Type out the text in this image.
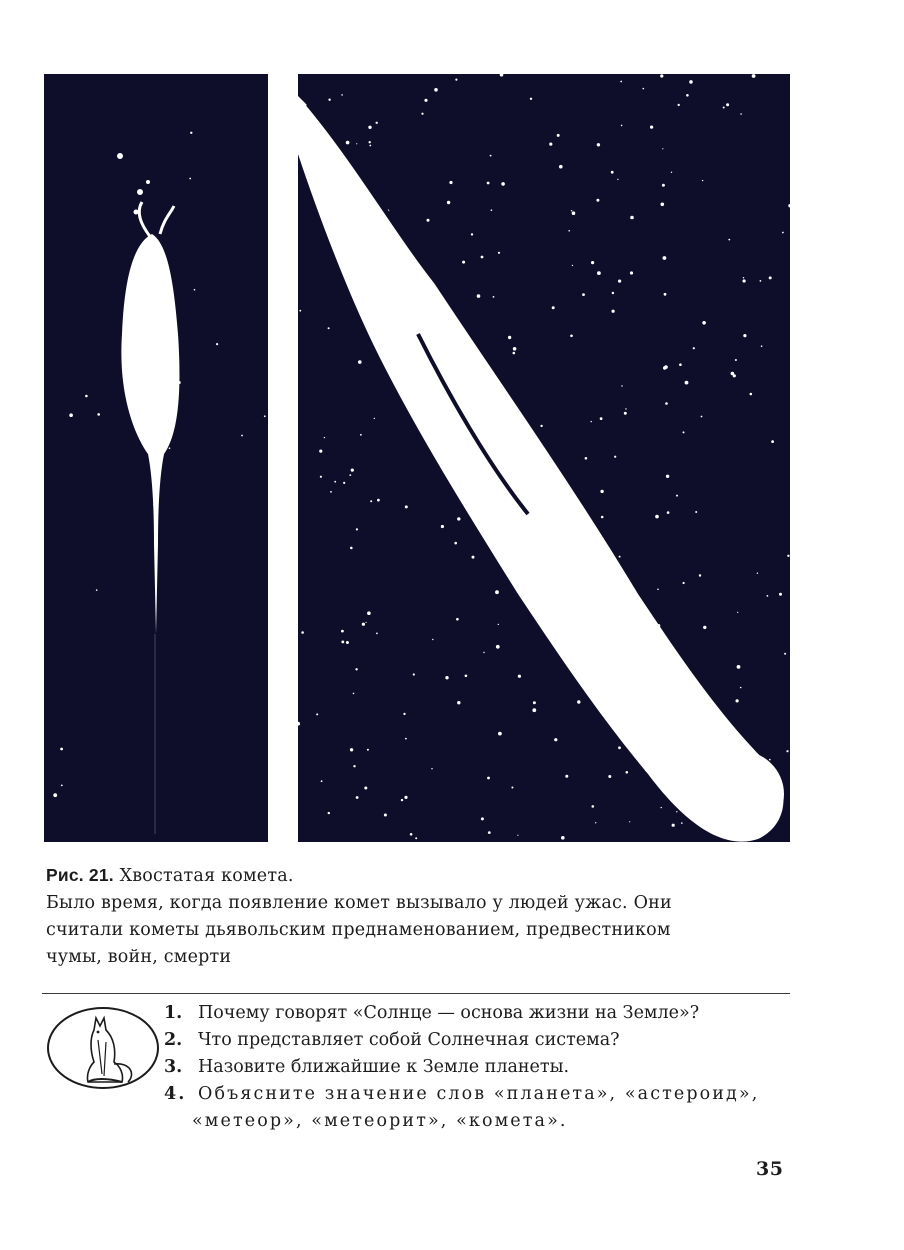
Рис. 21. Хвостатая комета.
Было время, когда появление комет вызывало у людей ужас. Они
считали кометы дьявольским преднаменованием, предвестником
чумы, войн, смерти
1. Почему говорят «Солнце — основа жизни на Земле»?
2. Что представляет собой Солнечная система?
3. Назовите ближайшие к Земле планеты.
4. Объясните значение слов «планета», «астероид»,
«метеор», «метеорит», «комета».
35
